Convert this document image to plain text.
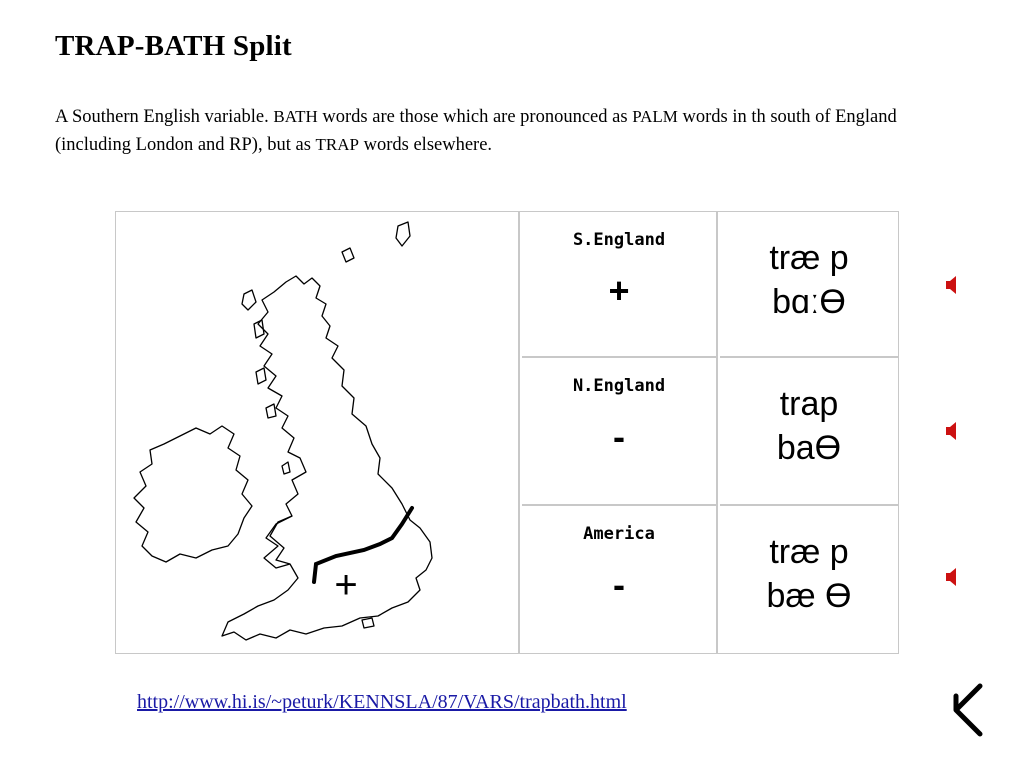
TRAP-BATH Split
A Southern English variable. BATH words are those which are pronounced as PALM words in th south of England (including London and RP), but as TRAP words elsewhere.
+
S.England
+
træ p
bɑːϴ
N.England
-
trap
baϴ
America
-
træ p
bæ ϴ
http://www.hi.is/~peturk/KENNSLA/87/VARS/trapbath.html
